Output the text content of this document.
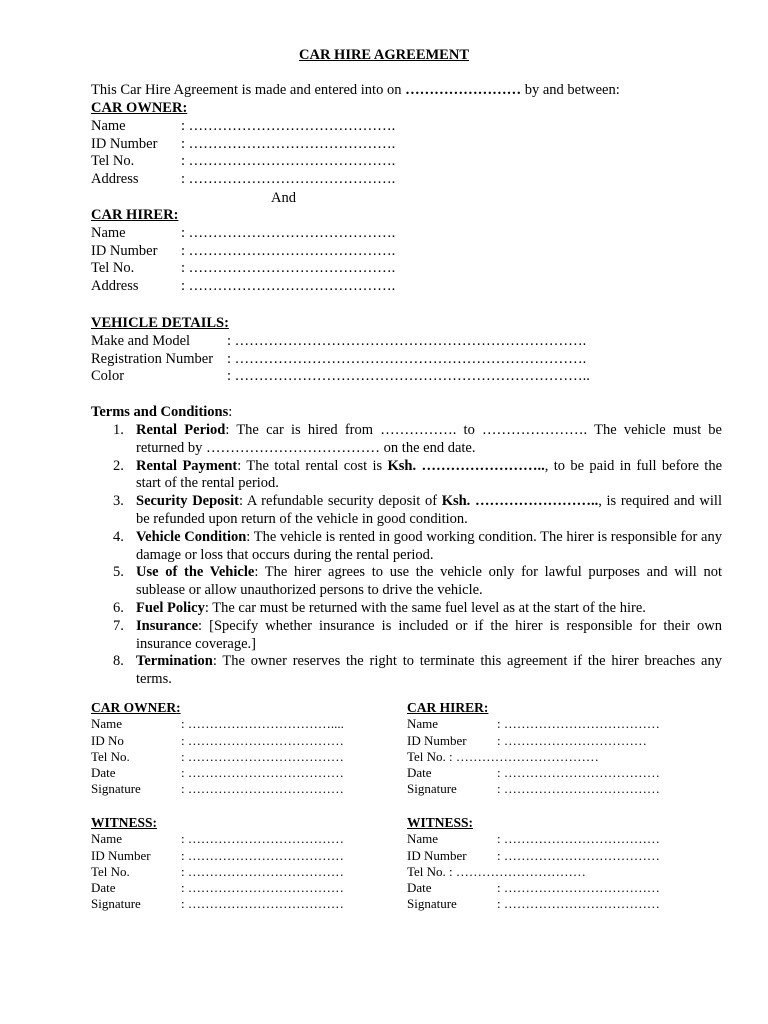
CAR HIRE AGREEMENT
This Car Hire Agreement is made and entered into on …………………… by and between:
CAR OWNER:
Name	: …………………………………….
ID Number	: …………………………………….
Tel No.	: …………………………………….
Address	: …………………………………….
And
CAR HIRER:
Name	: …………………………………….
ID Number	: …………………………………….
Tel No.	: …………………………………….
Address	: …………………………………….
VEHICLE DETAILS:
Make and Model	: ……………………………………………………………….
Registration Number : ……………………………………………………………….
Color	: ………………………………………………………………..
Terms and Conditions:
1. Rental Period: The car is hired from ……………. to …………………. The vehicle must be returned by ……………………………… on the end date.
2. Rental Payment: The total rental cost is Ksh. …………………….., to be paid in full before the start of the rental period.
3. Security Deposit: A refundable security deposit of Ksh. …………………….., is required and will be refunded upon return of the vehicle in good condition.
4. Vehicle Condition: The vehicle is rented in good working condition. The hirer is responsible for any damage or loss that occurs during the rental period.
5. Use of the Vehicle: The hirer agrees to use the vehicle only for lawful purposes and will not sublease or allow unauthorized persons to drive the vehicle.
6. Fuel Policy: The car must be returned with the same fuel level as at the start of the hire.
7. Insurance: [Specify whether insurance is included or if the hirer is responsible for their own insurance coverage.]
8. Termination: The owner reserves the right to terminate this agreement if the hirer breaches any terms.
CAR OWNER:
Name	: ……………………………....
ID No	: ………………………………
Tel No.	: ………………………………
Date	: ………………………………
Signature	: ………………………………
CAR HIRER:
Name	: ………………………………
ID Number	: ……………………………
Tel No. : ……………………………
Date	: ………………………………
Signature	: ………………………………
WITNESS:
Name	: ………………………………
ID Number	: ………………………………
Tel No.	: ………………………………
Date	: ………………………………
Signature	: ………………………………
WITNESS:
Name	: ………………………………
ID Number	: ………………………………
Tel No. : …………………………
Date	: ………………………………
Signature	: ………………………………
